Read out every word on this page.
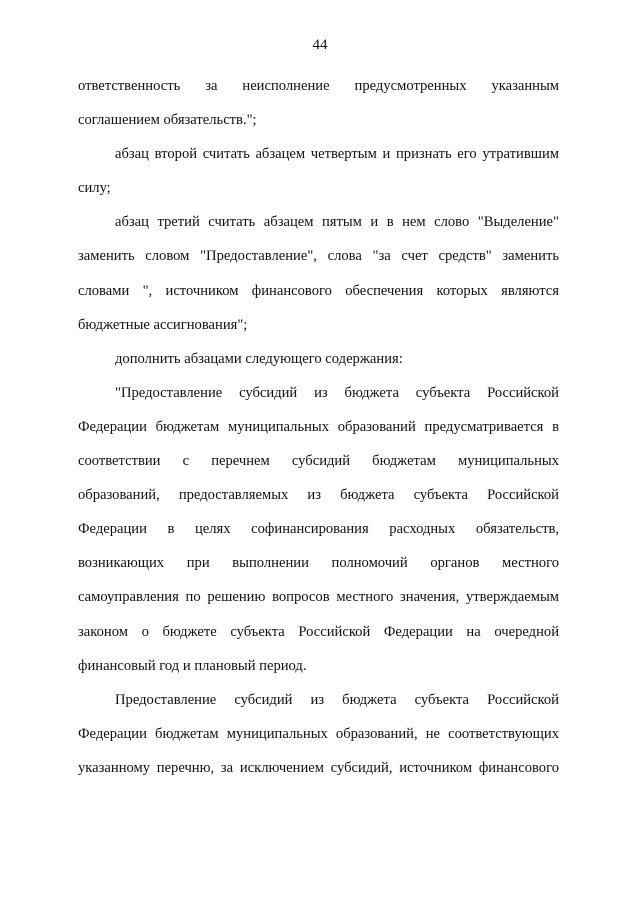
44
ответственность за неисполнение предусмотренных указанным
соглашением обязательств.";
абзац второй считать абзацем четвертым и признать его утратившим
силу;
абзац третий считать абзацем пятым и в нем слово "Выделение"
заменить словом "Предоставление", слова "за счет средств" заменить
словами ", источником финансового обеспечения которых являются
бюджетные ассигнования";
дополнить абзацами следующего содержания:
"Предоставление субсидий из бюджета субъекта Российской
Федерации бюджетам муниципальных образований предусматривается в
соответствии с перечнем субсидий бюджетам муниципальных
образований, предоставляемых из бюджета субъекта Российской
Федерации в целях софинансирования расходных обязательств,
возникающих при выполнении полномочий органов местного
самоуправления по решению вопросов местного значения, утверждаемым
законом о бюджете субъекта Российской Федерации на очередной
финансовый год и плановый период.
Предоставление субсидий из бюджета субъекта Российской
Федерации бюджетам муниципальных образований, не соответствующих
указанному перечню, за исключением субсидий, источником финансового
